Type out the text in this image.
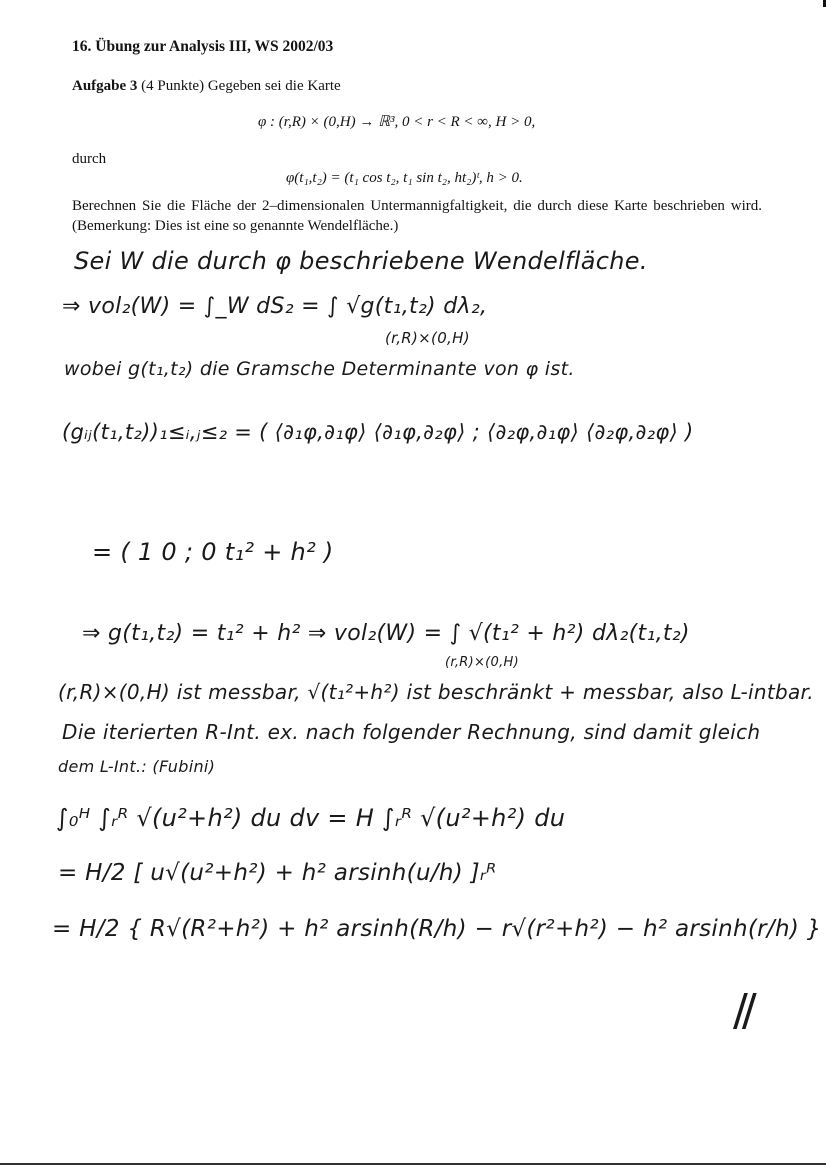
16. Übung zur Analysis III, WS 2002/03
Aufgabe 3 (4 Punkte) Gegeben sei die Karte
φ : (r,R) × (0,H) → ℝ³, 0 < r < R < ∞, H > 0,
durch
φ(t₁,t₂) = (t₁ cos t₂, t₁ sin t₂, ht₂)ᵗ, h > 0.
Berechnen Sie die Fläche der 2–dimensionalen Untermannigfaltigkeit, die durch diese Karte beschrieben wird. (Bemerkung: Dies ist eine so genannte Wendelfläche.)
Sei W die durch φ beschriebene Wendelfläche.
⇒ vol₂(W) = ∫_W dS₂ = ∫ √g(t₁,t₂) dλ₂,
(r,R)×(0,H)
wobei g(t₁,t₂) die Gramsche Determinante von φ ist.
(gᵢⱼ(t₁,t₂))₁≤ᵢ,ⱼ≤₂ = ( ⟨∂₁φ,∂₁φ⟩ ⟨∂₁φ,∂₂φ⟩ ; ⟨∂₂φ,∂₁φ⟩ ⟨∂₂φ,∂₂φ⟩ )
= ( 1 0 ; 0 t₁² + h² )
⇒ g(t₁,t₂) = t₁² + h² ⇒ vol₂(W) = ∫ √(t₁² + h²) dλ₂(t₁,t₂)
(r,R)×(0,H)
(r,R)×(0,H) ist messbar, √(t₁²+h²) ist beschränkt + messbar, also L-intbar.
Die iterierten R-Int. ex. nach folgender Rechnung, sind damit gleich
dem L-Int.: (Fubini)
∫₀ᴴ ∫ᵣᴿ √(u²+h²) du dv = H ∫ᵣᴿ √(u²+h²) du
= H/2 [ u√(u²+h²) + h² arsinh(u/h) ]ᵣᴿ
= H/2 { R√(R²+h²) + h² arsinh(R/h) − r√(r²+h²) − h² arsinh(r/h) }
//
